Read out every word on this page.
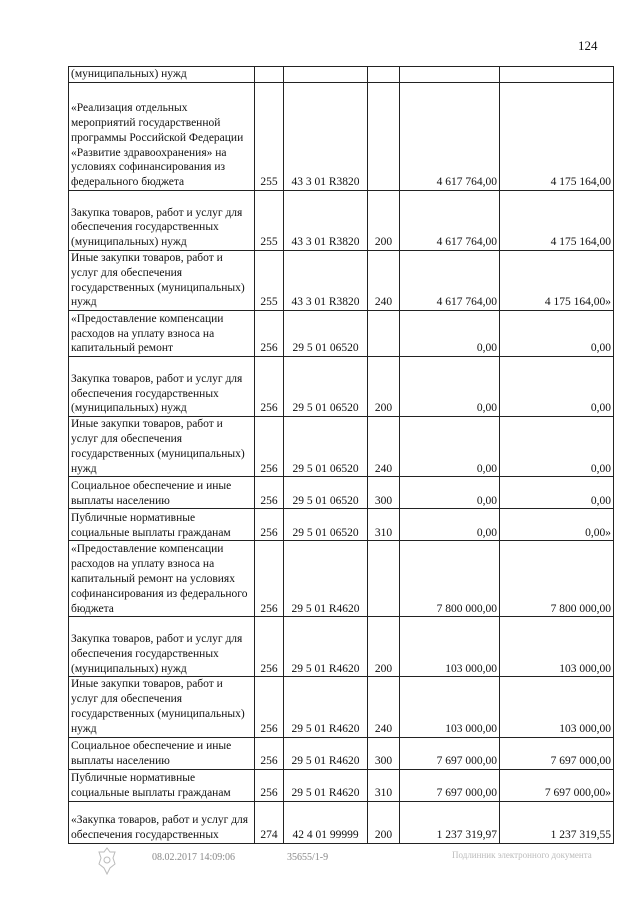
124
(муниципальных) нужд					
«Реализация отдельных мероприятий государственной программы Российской Федерации «Развитие здравоохранения» на условиях софинансирования из федерального бюджета	255	43 3 01 R3820		4 617 764,00	4 175 164,00
Закупка товаров, работ и услуг для обеспечения государственных (муниципальных) нужд	255	43 3 01 R3820	200	4 617 764,00	4 175 164,00
Иные закупки товаров, работ и услуг для обеспечения государственных (муниципальных) нужд	255	43 3 01 R3820	240	4 617 764,00	4 175 164,00»
«Предоставление компенсации расходов на уплату взноса на капитальный ремонт	256	29 5 01 06520		0,00	0,00
Закупка товаров, работ и услуг для обеспечения государственных (муниципальных) нужд	256	29 5 01 06520	200	0,00	0,00
Иные закупки товаров, работ и услуг для обеспечения государственных (муниципальных) нужд	256	29 5 01 06520	240	0,00	0,00
Социальное обеспечение и иные выплаты населению	256	29 5 01 06520	300	0,00	0,00
Публичные нормативные социальные выплаты гражданам	256	29 5 01 06520	310	0,00	0,00»
«Предоставление компенсации расходов на уплату взноса на капитальный ремонт на условиях софинансирования из федерального бюджета	256	29 5 01 R4620		7 800 000,00	7 800 000,00
Закупка товаров, работ и услуг для обеспечения государственных (муниципальных) нужд	256	29 5 01 R4620	200	103 000,00	103 000,00
Иные закупки товаров, работ и услуг для обеспечения государственных (муниципальных) нужд	256	29 5 01 R4620	240	103 000,00	103 000,00
Социальное обеспечение и иные выплаты населению	256	29 5 01 R4620	300	7 697 000,00	7 697 000,00
Публичные нормативные социальные выплаты гражданам	256	29 5 01 R4620	310	7 697 000,00	7 697 000,00»
«Закупка товаров, работ и услуг для обеспечения государственных	274	42 4 01 99999	200	1 237 319,97	1 237 319,55
08.02.2017 14:09:06	35655/1-9	Подлинник электронного документа
